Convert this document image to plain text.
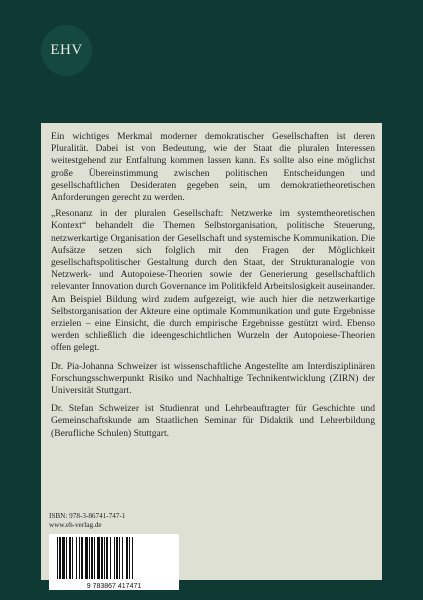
EHV

Ein wichtiges Merkmal moderner demokratischer Gesellschaften ist deren Pluralität. Dabei ist von Bedeutung, wie der Staat die pluralen Interessen weitestgehend zur Entfaltung kommen lassen kann. Es sollte also eine möglichst große Übereinstimmung zwischen politischen Entscheidungen und gesellschaftlichen Desideraten gegeben sein, um demokratietheoretischen Anforderungen gerecht zu werden.

„Resonanz in der pluralen Gesellschaft: Netzwerke im systemtheoretischen Kontext“ behandelt die Themen Selbstorganisation, politische Steuerung, netzwerkartige Organisation der Gesellschaft und systemische Kommunikation. Die Aufsätze setzen sich folglich mit den Fragen der Möglichkeit gesellschaftspolitischer Gestaltung durch den Staat, der Strukturanalogie von Netzwerk- und Autopoiese-Theorien sowie der Generierung gesellschaftlich relevanter Innovation durch Governance im Politikfeld Arbeitslosigkeit auseinander. Am Beispiel Bildung wird zudem aufgezeigt, wie auch hier die netzwerkartige Selbstorganisation der Akteure eine optimale Kommunikation und gute Ergebnisse erzielen – eine Einsicht, die durch empirische Ergebnisse gestützt wird. Ebenso werden schließlich die ideengeschichtlichen Wurzeln der Autopoiese-Theorien offen gelegt.

Dr. Pia-Johanna Schweizer ist wissenschaftliche Angestellte am Interdisziplinären Forschungsschwerpunkt Risiko und Nachhaltige Technikentwicklung (ZIRN) der Universität Stuttgart.

Dr. Stefan Schweizer ist Studienrat und Lehrbeauftragter für Geschichte und Gemeinschaftskunde am Staatlichen Seminar für Didaktik und Lehrerbildung (Berufliche Schulen) Stuttgart.

ISBN: 978-3-86741-747-1
www.eh-verlag.de
9 783867 417471
